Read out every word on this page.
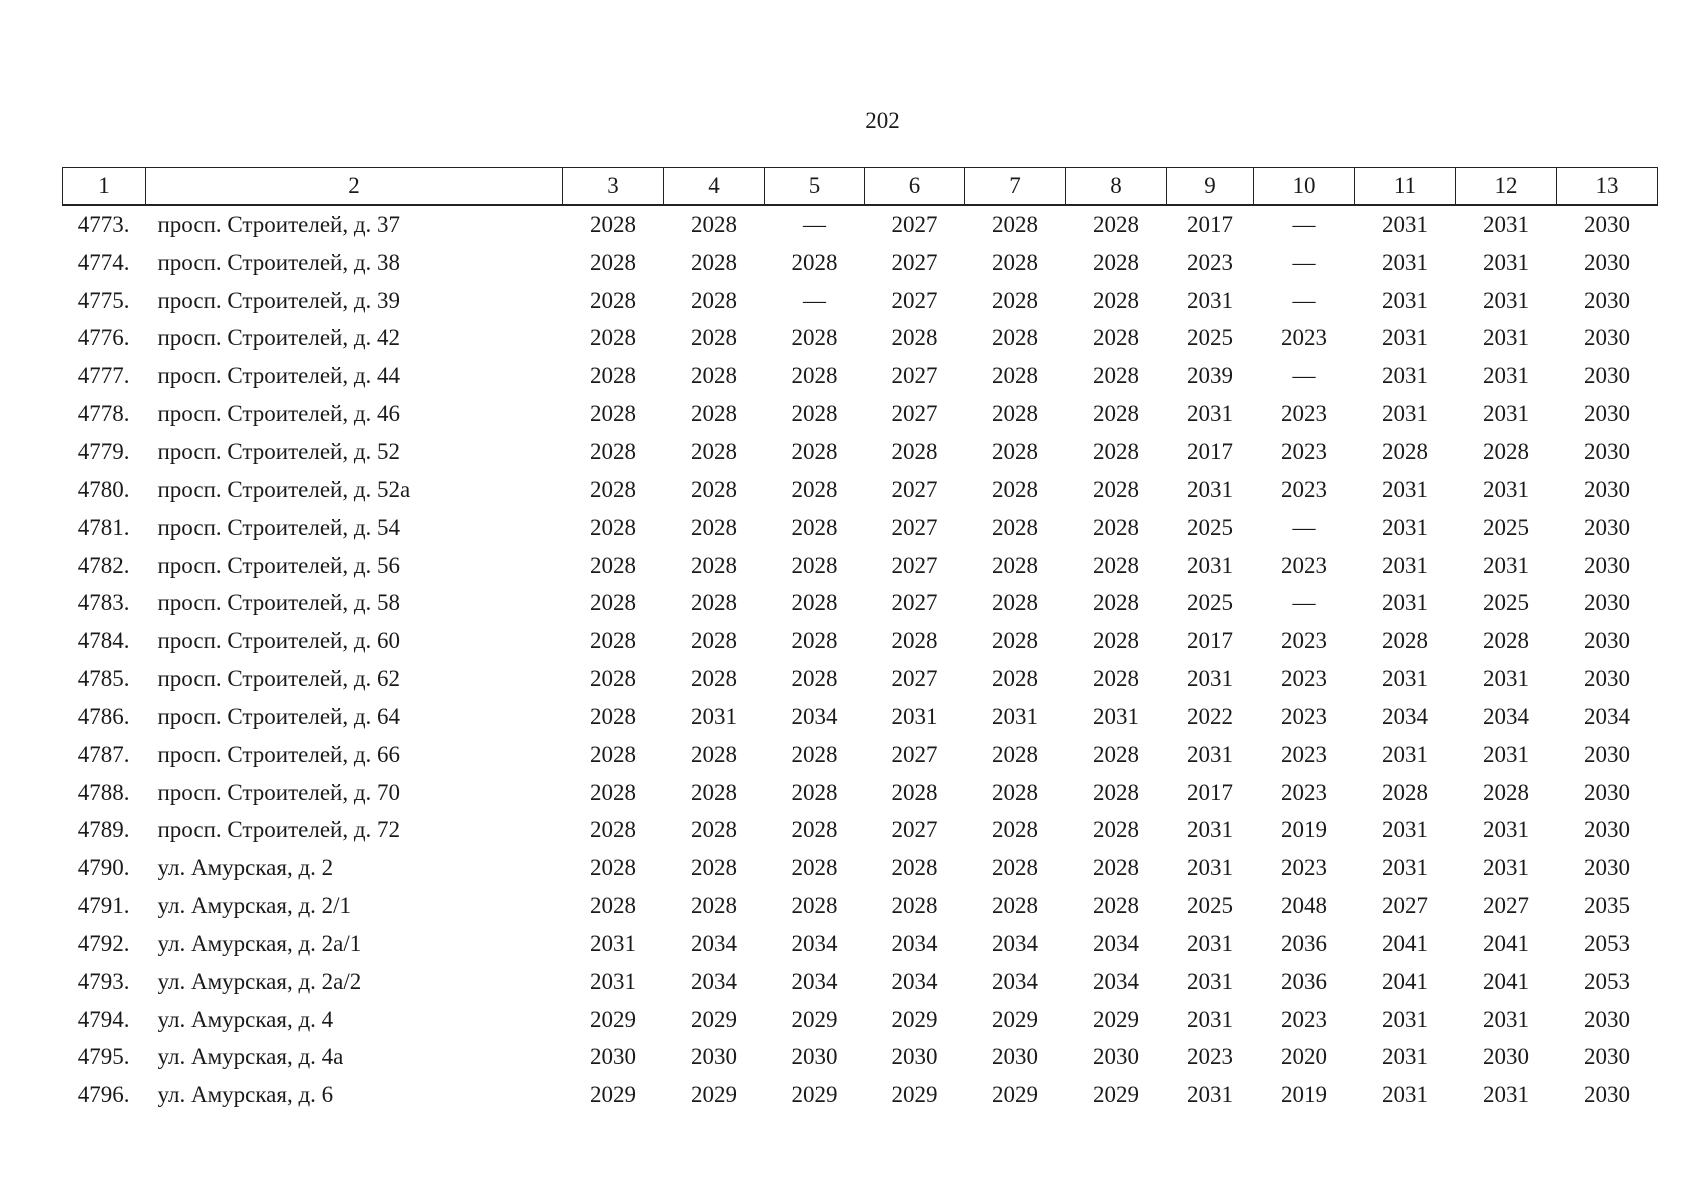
202
1	2	3	4	5	6	7	8	9	10	11	12	13
4773.	просп. Строителей, д. 37	2028	2028	—	2027	2028	2028	2017	—	2031	2031	2030
4774.	просп. Строителей, д. 38	2028	2028	2028	2027	2028	2028	2023	—	2031	2031	2030
4775.	просп. Строителей, д. 39	2028	2028	—	2027	2028	2028	2031	—	2031	2031	2030
4776.	просп. Строителей, д. 42	2028	2028	2028	2028	2028	2028	2025	2023	2031	2031	2030
4777.	просп. Строителей, д. 44	2028	2028	2028	2027	2028	2028	2039	—	2031	2031	2030
4778.	просп. Строителей, д. 46	2028	2028	2028	2027	2028	2028	2031	2023	2031	2031	2030
4779.	просп. Строителей, д. 52	2028	2028	2028	2028	2028	2028	2017	2023	2028	2028	2030
4780.	просп. Строителей, д. 52а	2028	2028	2028	2027	2028	2028	2031	2023	2031	2031	2030
4781.	просп. Строителей, д. 54	2028	2028	2028	2027	2028	2028	2025	—	2031	2025	2030
4782.	просп. Строителей, д. 56	2028	2028	2028	2027	2028	2028	2031	2023	2031	2031	2030
4783.	просп. Строителей, д. 58	2028	2028	2028	2027	2028	2028	2025	—	2031	2025	2030
4784.	просп. Строителей, д. 60	2028	2028	2028	2028	2028	2028	2017	2023	2028	2028	2030
4785.	просп. Строителей, д. 62	2028	2028	2028	2027	2028	2028	2031	2023	2031	2031	2030
4786.	просп. Строителей, д. 64	2028	2031	2034	2031	2031	2031	2022	2023	2034	2034	2034
4787.	просп. Строителей, д. 66	2028	2028	2028	2027	2028	2028	2031	2023	2031	2031	2030
4788.	просп. Строителей, д. 70	2028	2028	2028	2028	2028	2028	2017	2023	2028	2028	2030
4789.	просп. Строителей, д. 72	2028	2028	2028	2027	2028	2028	2031	2019	2031	2031	2030
4790.	ул. Амурская, д. 2	2028	2028	2028	2028	2028	2028	2031	2023	2031	2031	2030
4791.	ул. Амурская, д. 2/1	2028	2028	2028	2028	2028	2028	2025	2048	2027	2027	2035
4792.	ул. Амурская, д. 2а/1	2031	2034	2034	2034	2034	2034	2031	2036	2041	2041	2053
4793.	ул. Амурская, д. 2а/2	2031	2034	2034	2034	2034	2034	2031	2036	2041	2041	2053
4794.	ул. Амурская, д. 4	2029	2029	2029	2029	2029	2029	2031	2023	2031	2031	2030
4795.	ул. Амурская, д. 4а	2030	2030	2030	2030	2030	2030	2023	2020	2031	2030	2030
4796.	ул. Амурская, д. 6	2029	2029	2029	2029	2029	2029	2031	2019	2031	2031	2030
